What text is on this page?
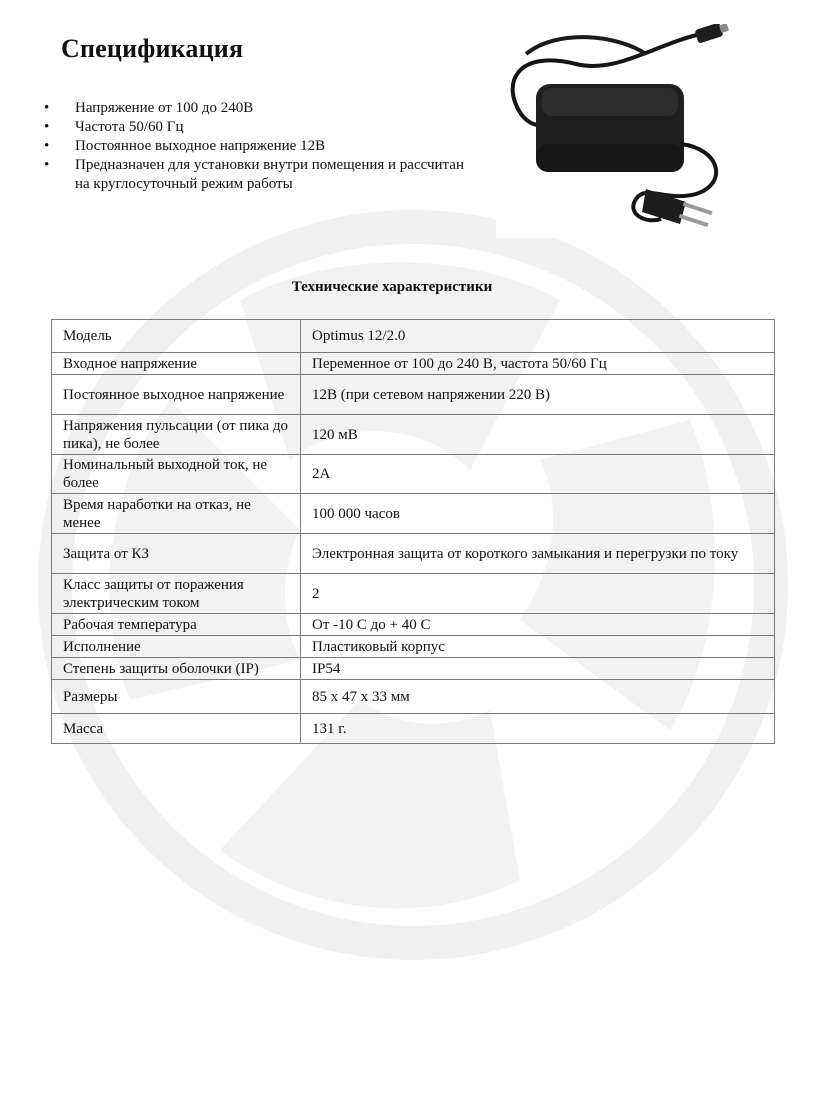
Спецификация
• Напряжение от 100 до 240В
• Частота 50/60 Гц
• Постоянное выходное напряжение 12В
• Предназначен для установки внутри помещения и рассчитан на круглосуточный режим работы
Технические характеристики
Модель	Optimus 12/2.0
Входное напряжение	Переменное от 100 до 240 В, частота 50/60 Гц
Постоянное выходное напряжение	12В (при сетевом напряжении 220 В)
Напряжения пульсации (от пика до пика), не более	120 мВ
Номинальный выходной ток, не более	2А
Время наработки на отказ, не менее	100 000 часов
Защита от КЗ	Электронная защита от короткого замыкания и перегрузки по току
Класс защиты от поражения электрическим током	2
Рабочая температура	От -10 С до + 40 С
Исполнение	Пластиковый корпус
Степень защиты оболочки (IP)	IP54
Размеры	85 х 47 х 33 мм
Масса	131 г.
